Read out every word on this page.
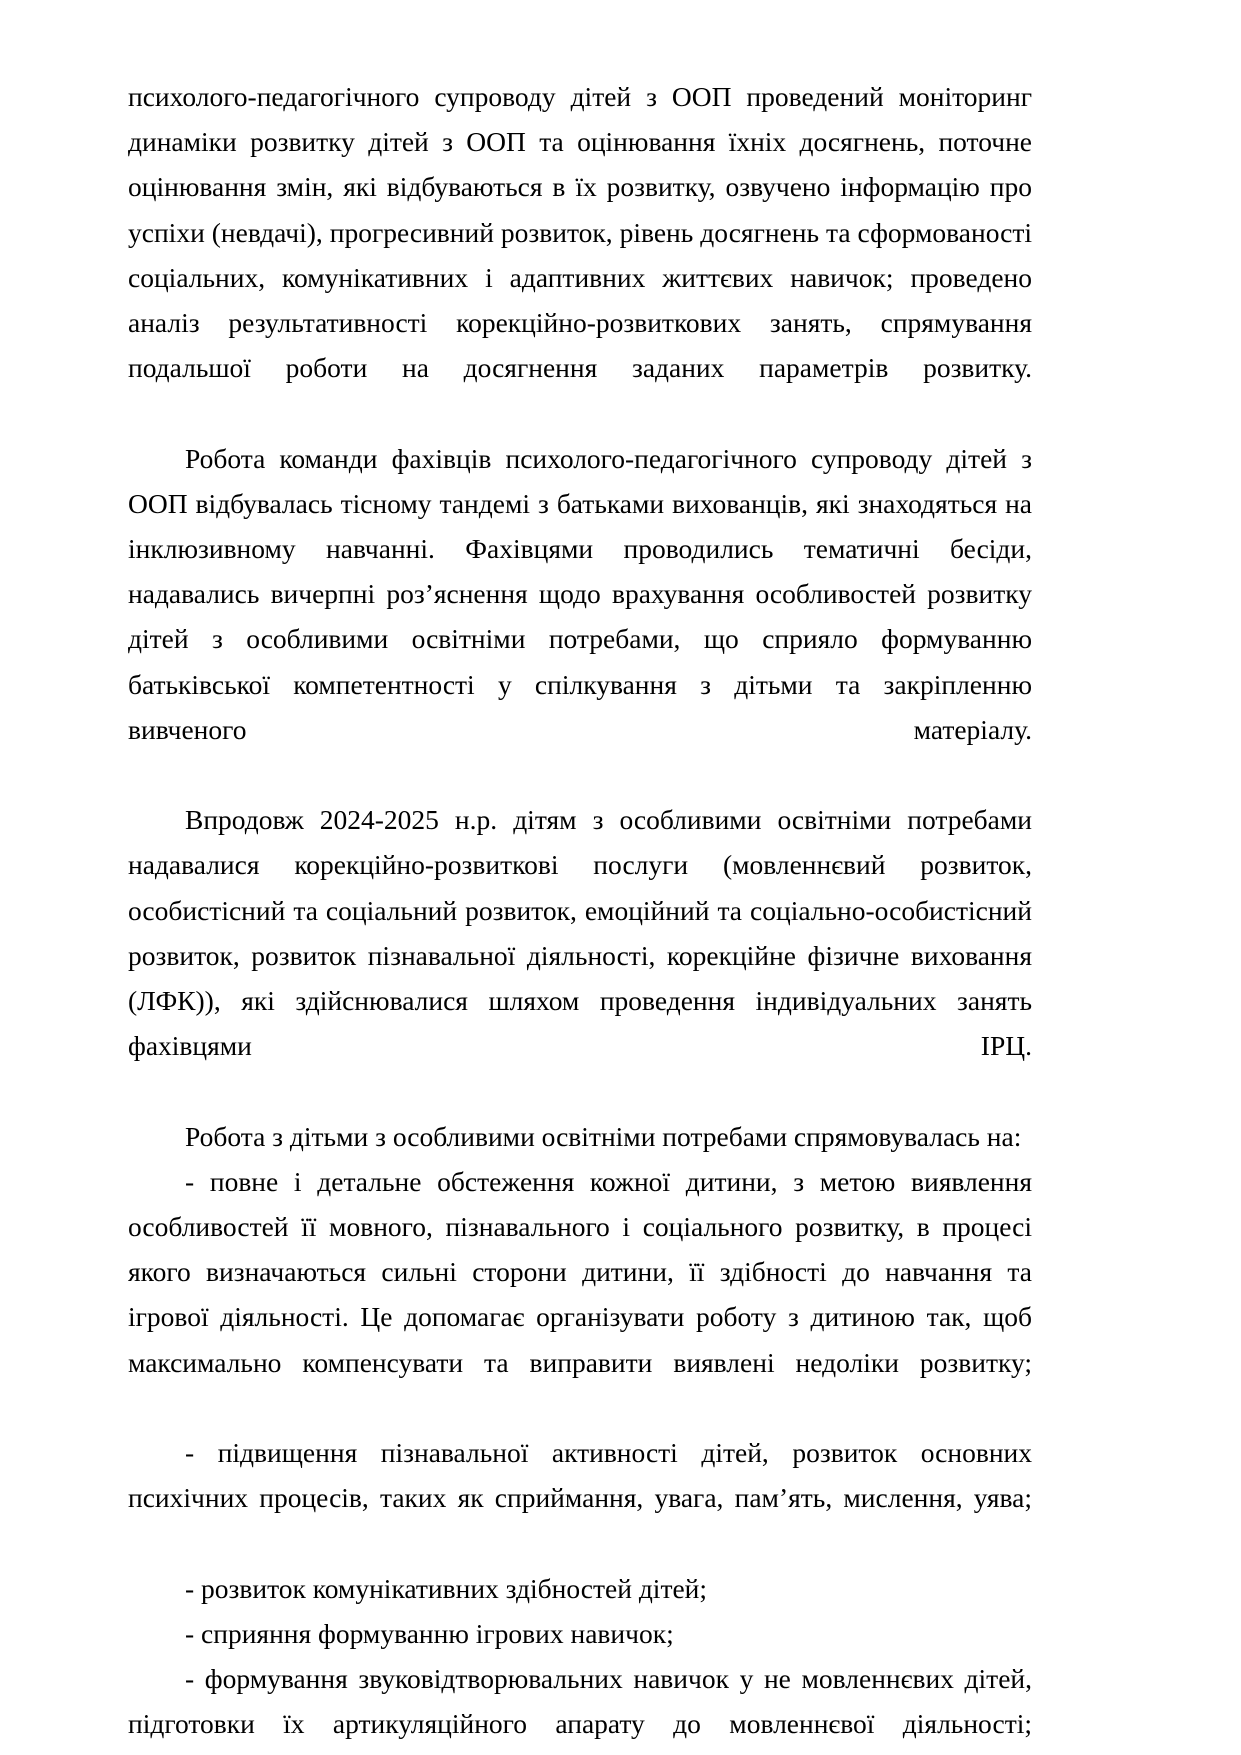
психолого-педагогічного супроводу дітей з ООП проведений моніторинг динаміки розвитку дітей з ООП та оцінювання їхніх досягнень, поточне оцінювання змін, які відбуваються в їх розвитку, озвучено інформацію про успіхи (невдачі), прогресивний розвиток, рівень досягнень та сформованості соціальних, комунікативних і адаптивних життєвих навичок; проведено аналіз результативності корекційно-розвиткових занять, спрямування подальшої роботи на досягнення заданих параметрів розвитку.

Робота команди фахівців психолого-педагогічного супроводу дітей з ООП відбувалась тісному тандемі з батьками вихованців, які знаходяться на інклюзивному навчанні. Фахівцями проводились тематичні бесіди, надавались вичерпні роз’яснення щодо врахування особливостей розвитку дітей з особливими освітніми потребами, що сприяло формуванню батьківської компетентності у спілкування з дітьми та закріпленню вивченого матеріалу.

Впродовж 2024-2025 н.р. дітям з особливими освітніми потребами надавалися корекційно-розвиткові послуги (мовленнєвий розвиток, особистісний та соціальний розвиток, емоційний та соціально-особистісний розвиток, розвиток пізнавальної діяльності, корекційне фізичне виховання (ЛФК)), які здійснювалися шляхом проведення індивідуальних занять фахівцями ІРЦ.

Робота з дітьми з особливими освітніми потребами спрямовувалась на:

- повне і детальне обстеження кожної дитини, з метою виявлення особливостей її мовного, пізнавального і соціального розвитку, в процесі якого визначаються сильні сторони дитини, її здібності до навчання та ігрової діяльності. Це допомагає організувати роботу з дитиною так, щоб максимально компенсувати та виправити виявлені недоліки розвитку;

- підвищення пізнавальної активності дітей, розвиток основних психічних процесів, таких як сприймання, увага, пам’ять, мислення, уява;

- розвиток комунікативних здібностей дітей;

- сприяння формуванню ігрових навичок;

- формування звуковідтворювальних навичок у не мовленнєвих дітей, підготовки їх артикуляційного апарату до мовленнєвої діяльності;
